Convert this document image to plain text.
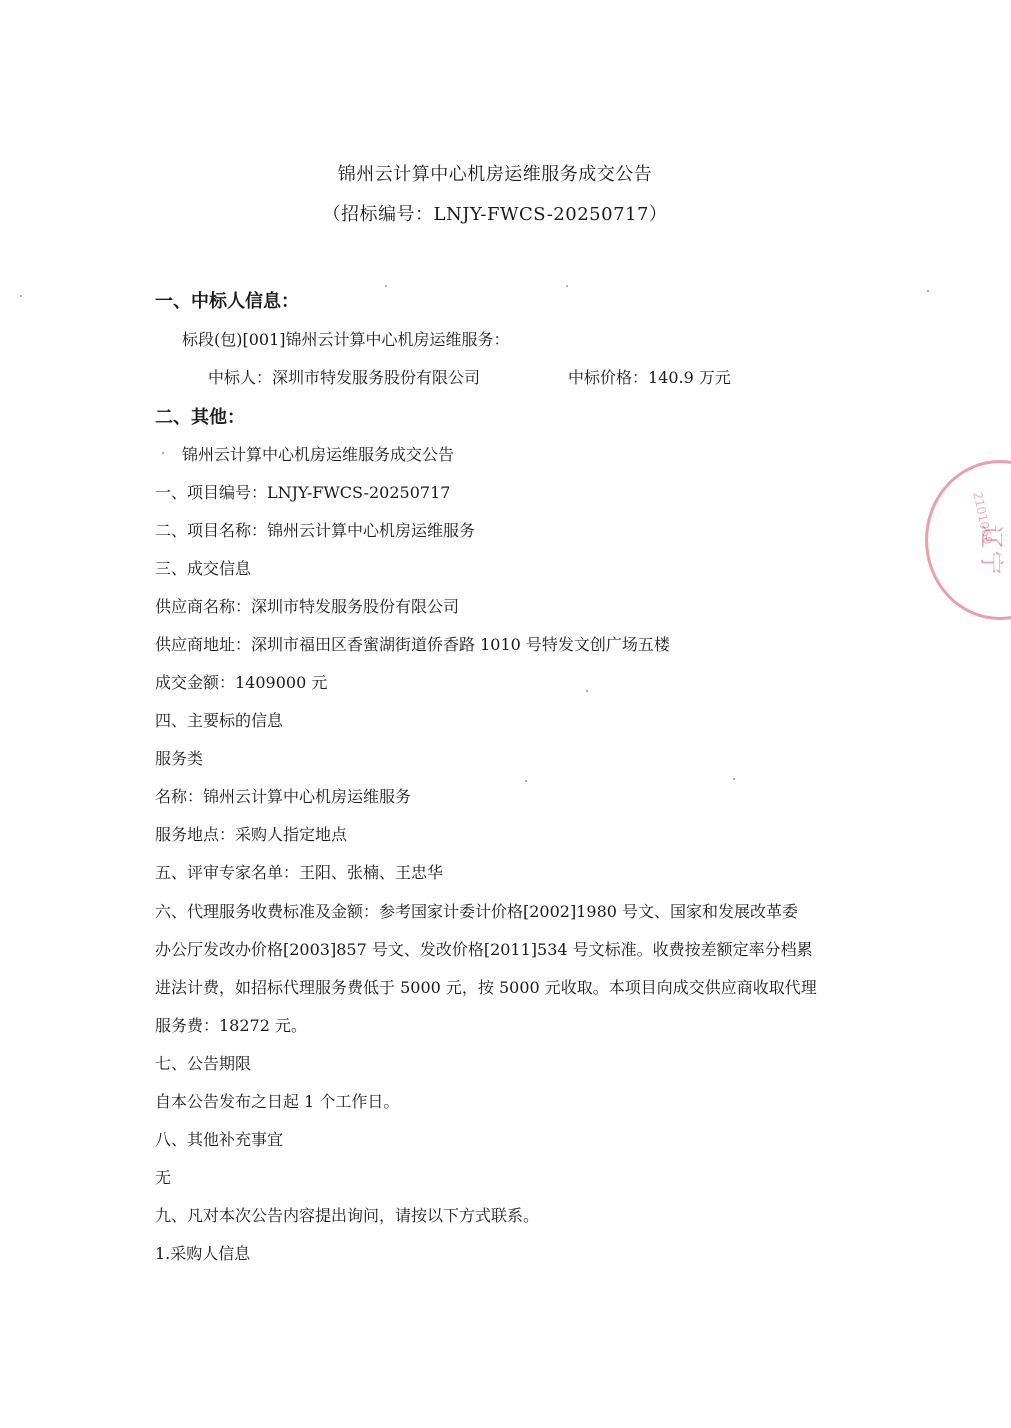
锦州云计算中心机房运维服务成交公告
（招标编号：LNJY-FWCS-20250717）
一、中标人信息：
标段(包)[001]锦州云计算中心机房运维服务：
中标人：深圳市特发服务股份有限公司	中标价格：140.9 万元
二、其他：
锦州云计算中心机房运维服务成交公告
一、项目编号：LNJY-FWCS-20250717
二、项目名称：锦州云计算中心机房运维服务
三、成交信息
供应商名称：深圳市特发服务股份有限公司
供应商地址：深圳市福田区香蜜湖街道侨香路 1010 号特发文创广场五楼
成交金额：1409000 元
四、主要标的信息
服务类
名称：锦州云计算中心机房运维服务
服务地点：采购人指定地点
五、评审专家名单：王阳、张楠、王忠华
六、代理服务收费标准及金额：参考国家计委计价格[2002]1980 号文、国家和发展改革委
办公厅发改办价格[2003]857 号文、发改价格[2011]534 号文标准。收费按差额定率分档累
进法计费，如招标代理服务费低于 5000 元，按 5000 元收取。本项目向成交供应商收取代理
服务费：18272 元。
七、公告期限
自本公告发布之日起 1 个工作日。
八、其他补充事宜
无
九、凡对本次公告内容提出询问，请按以下方式联系。
1.采购人信息
辽宁
2101060
